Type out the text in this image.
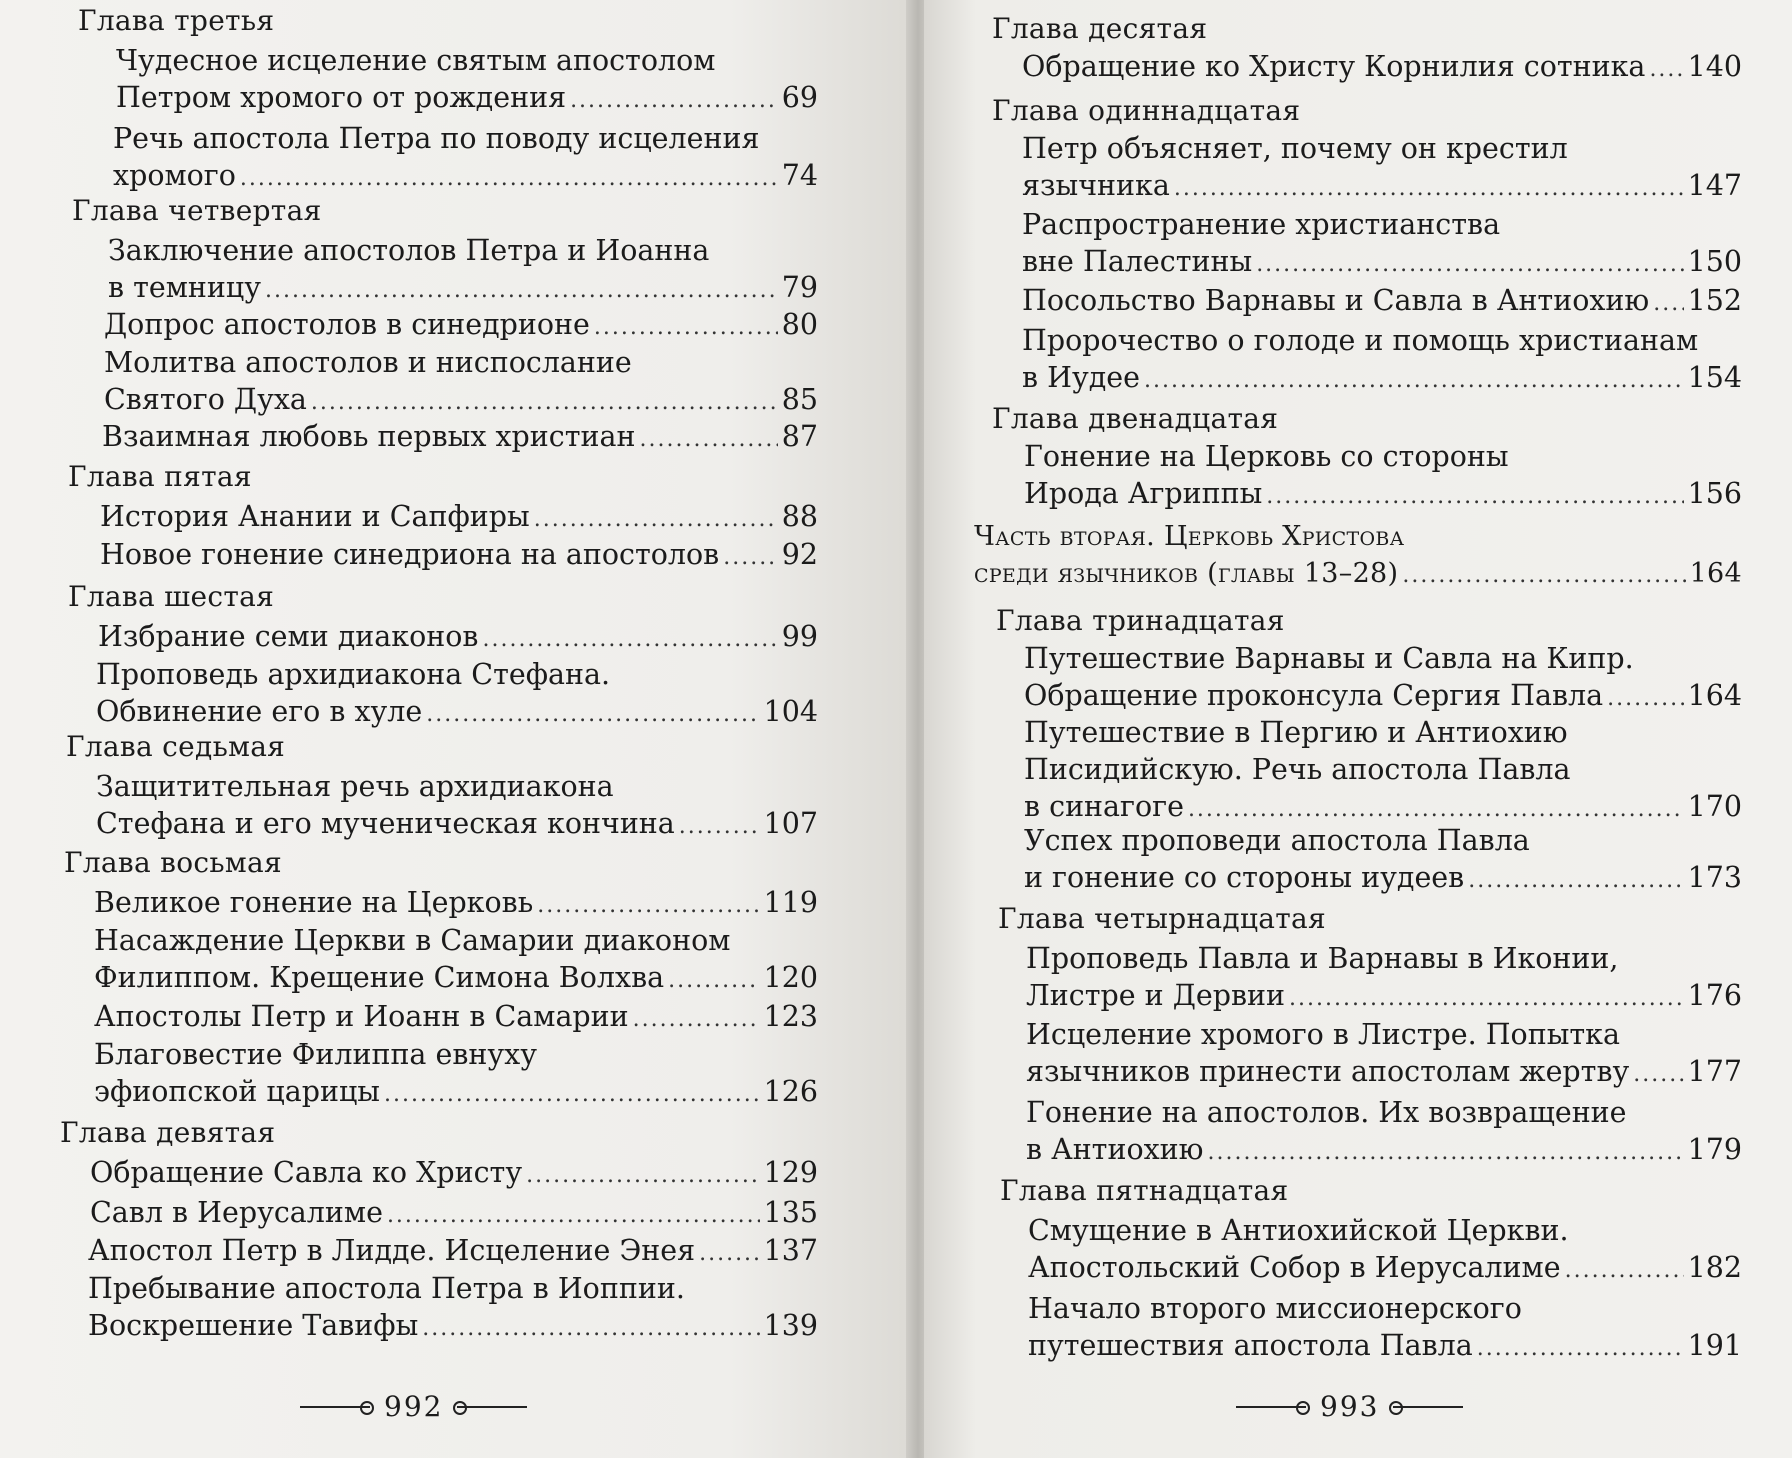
Глава третья
Чудесное исцеление святым апостолом
Петром хромого от рождения .....	69
Речь апостола Петра по поводу исцеления
хромого .....	74
Глава четвертая
Заключение апостолов Петра и Иоанна
в темницу .....	79
Допрос апостолов в синедрионе .....	80
Молитва апостолов и ниспослание
Святого Духа .....	85
Взаимная любовь первых христиан .....	87
Глава пятая
История Анании и Сапфиры .....	88
Новое гонение синедриона на апостолов ..... 92
Глава шестая
Избрание семи диаконов .....	99
Проповедь архидиакона Стефана.
Обвинение его в хуле .....	104
Глава седьмая
Защитительная речь архидиакона
Стефана и его мученическая кончина .....	107
Глава восьмая
Великое гонение на Церковь .....	119
Насаждение Церкви в Самарии диаконом
Филиппом. Крещение Симона Волхва .....	120
Апостолы Петр и Иоанн в Самарии .....	123
Благовестие Филиппа евнуху
эфиопской царицы .....	126
Глава девятая
Обращение Савла ко Христу .....	129
Савл в Иерусалиме .....	135
Апостол Петр в Лидде. Исцеление Энея ..... 137
Пребывание апостола Петра в Иоппии.
Воскрешение Тавифы .....	139
992
Глава десятая
Обращение ко Христу Корнилия сотника ..... 140
Глава одиннадцатая
Петр объясняет, почему он крестил
язычника .....	147
Распространение христианства
вне Палестины .....	150
Посольство Варнавы и Савла в Антиохию ..... 152
Пророчество о голоде и помощь христианам
в Иудее .....	154
Глава двенадцатая
Гонение на Церковь со стороны
Ирода Агриппы .....	156
Часть вторая. Церковь Христова
среди язычников (главы 13–28) .....	164
Глава тринадцатая
Путешествие Варнавы и Савла на Кипр.
Обращение проконсула Сергия Павла .....	164
Путешествие в Пергию и Антиохию
Писидийскую. Речь апостола Павла
в синагоге .....	170
Успех проповеди апостола Павла
и гонение со стороны иудеев .....	173
Глава четырнадцатая
Проповедь Павла и Варнавы в Иконии,
Листре и Дервии .....	176
Исцеление хромого в Листре. Попытка
язычников принести апостолам жертву ..... 177
Гонение на апостолов. Их возвращение
в Антиохию .....	179
Глава пятнадцатая
Смущение в Антиохийской Церкви.
Апостольский Собор в Иерусалиме .....	182
Начало второго миссионерского
путешествия апостола Павла .....	191
993
